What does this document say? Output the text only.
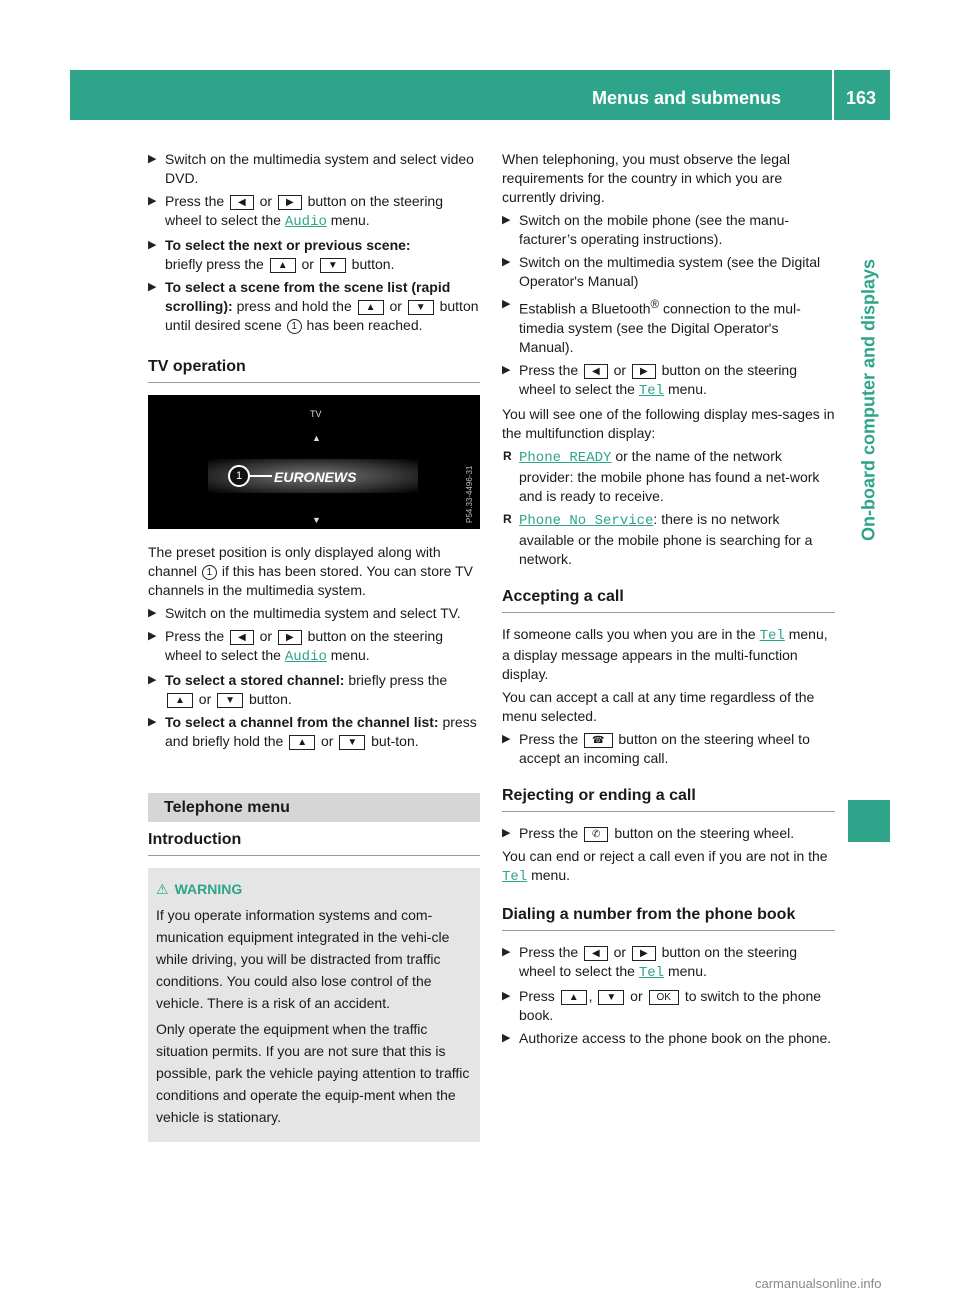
Menus and submenus	163
On-board computer and displays
▶ Switch on the multimedia system and select video DVD.
▶ Press the ◀ or ▶ button on the steering wheel to select the Audio menu.
▶ To select the next or previous scene:
briefly press the ▲ or ▼ button.
▶ To select a scene from the scene list (rapid scrolling): press and hold the ▲ or ▼ button until desired scene 1 has been reached.
TV operation
TV
▲
1	EURONEWS
▼	P54.33-4496-31

The preset position is only displayed along with channel 1 if this has been stored. You can store TV channels in the multimedia system.

▶ Switch on the multimedia system and select TV.
▶ Press the ◀ or ▶ button on the steering wheel to select the Audio menu.
▶ To select a stored channel: briefly press the ▲ or ▼ button.
▶ To select a channel from the channel list: press and briefly hold the ▲ or ▼ but-ton.
Telephone menu
Introduction
⚠ WARNING

If you operate information systems and com-munication equipment integrated in the vehi-cle while driving, you will be distracted from traffic conditions. You could also lose control of the vehicle. There is a risk of an accident.

Only operate the equipment when the traffic situation permits. If you are not sure that this is possible, park the vehicle paying attention to traffic conditions and operate the equip-ment when the vehicle is stationary.

When telephoning, you must observe the legal requirements for the country in which you are currently driving.

▶ Switch on the mobile phone (see the manu-facturer’s operating instructions).
▶ Switch on the multimedia system (see the Digital Operator's Manual)
▶ Establish a Bluetooth® connection to the mul-timedia system (see the Digital Operator's Manual).
▶ Press the ◀ or ▶ button on the steering wheel to select the Tel menu.

You will see one of the following display mes-sages in the multifunction display:

R Phone READY or the name of the network provider: the mobile phone has found a net-work and is ready to receive.
R Phone No Service: there is no network available or the mobile phone is searching for a network.
Accepting a call

If someone calls you when you are in the Tel menu, a display message appears in the multi-function display.

You can accept a call at any time regardless of the menu selected.

▶ Press the ☎ button on the steering wheel to accept an incoming call.
Rejecting or ending a call
▶ Press the ✆ button on the steering wheel.

You can end or reject a call even if you are not in the Tel menu.

Dialing a number from the phone book
▶ Press the ◀ or ▶ button on the steering wheel to select the Tel menu.
▶ Press ▲ , ▼ or OK to switch to the phone book.
▶ Authorize access to the phone book on the phone.
carmanualsonline.info
